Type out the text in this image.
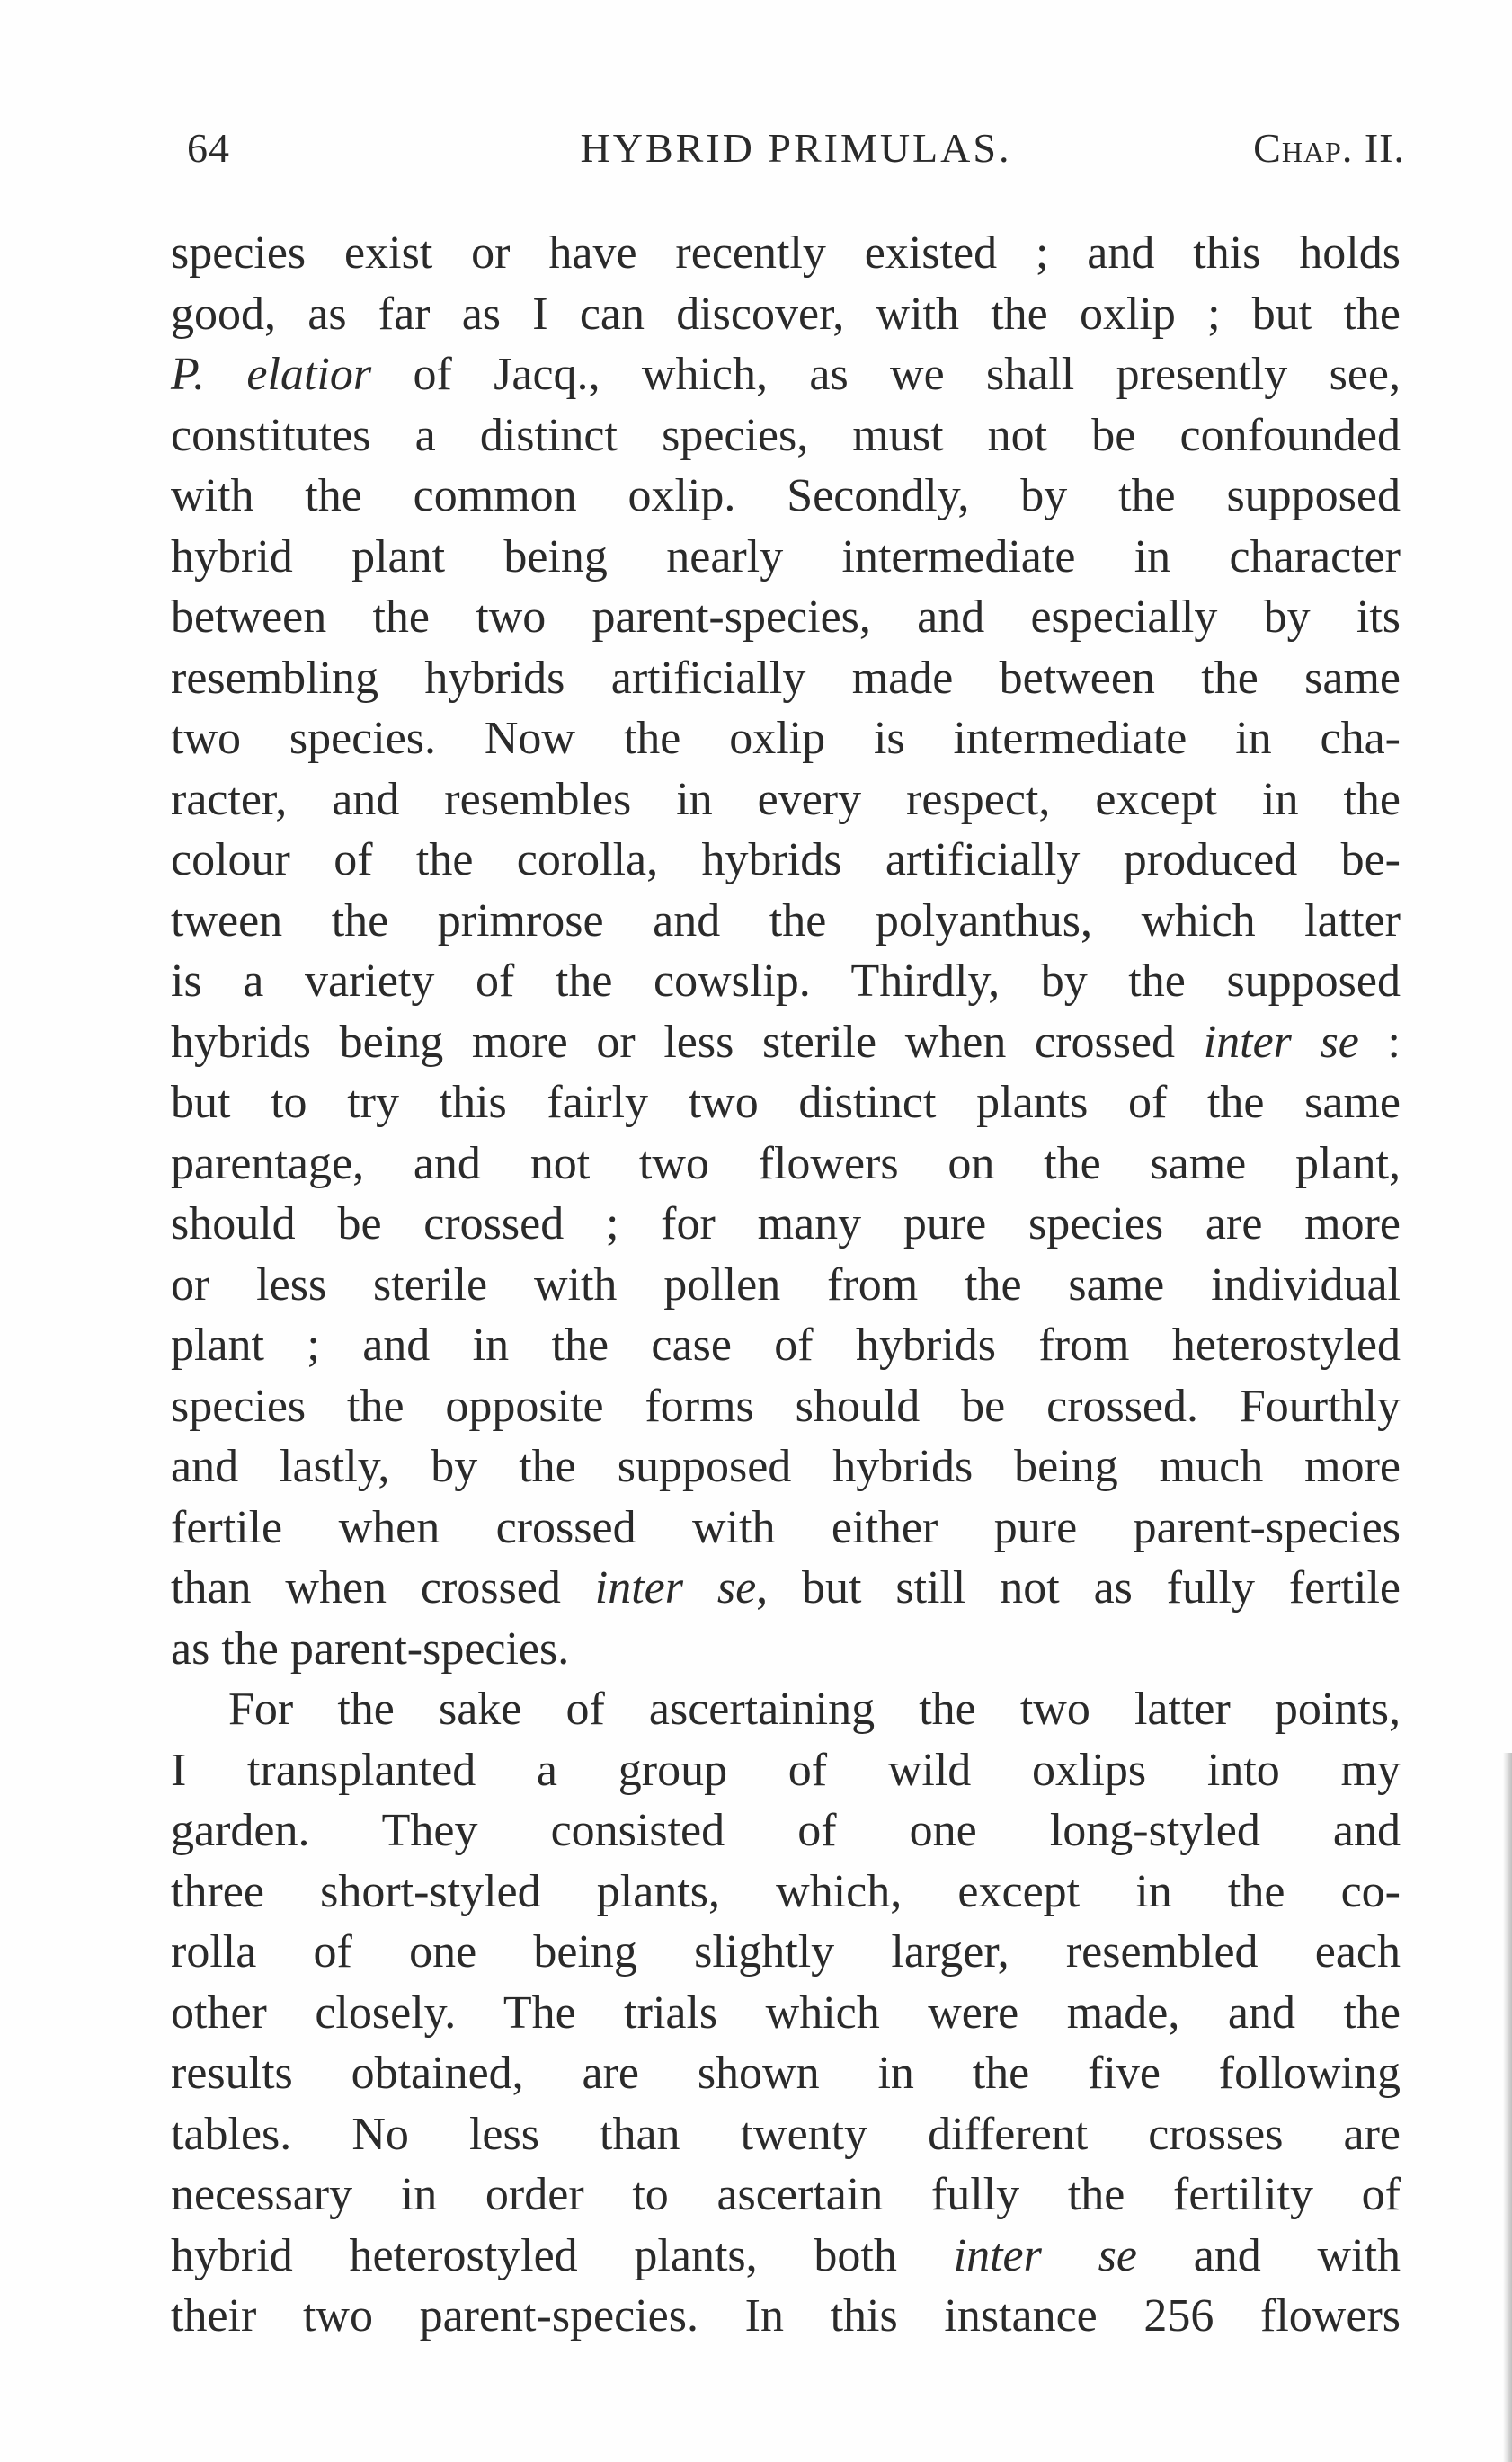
64	HYBRID PRIMULAS.	Chap. II.
species exist or have recently existed ; and this holds
good, as far as I can discover, with the oxlip ; but the
P. elatior of Jacq., which, as we shall presently see,
constitutes a distinct species, must not be confounded
with the common oxlip. Secondly, by the supposed
hybrid plant being nearly intermediate in character
between the two parent-species, and especially by its
resembling hybrids artificially made between the same
two species. Now the oxlip is intermediate in cha-
racter, and resembles in every respect, except in the
colour of the corolla, hybrids artificially produced be-
tween the primrose and the polyanthus, which latter
is a variety of the cowslip. Thirdly, by the supposed
hybrids being more or less sterile when crossed inter se :
but to try this fairly two distinct plants of the same
parentage, and not two flowers on the same plant,
should be crossed ; for many pure species are more
or less sterile with pollen from the same individual
plant ; and in the case of hybrids from heterostyled
species the opposite forms should be crossed. Fourthly
and lastly, by the supposed hybrids being much more
fertile when crossed with either pure parent-species
than when crossed inter se, but still not as fully fertile
as the parent-species.
For the sake of ascertaining the two latter points,
I transplanted a group of wild oxlips into my
garden. They consisted of one long-styled and
three short-styled plants, which, except in the co-
rolla of one being slightly larger, resembled each
other closely. The trials which were made, and the
results obtained, are shown in the five following
tables. No less than twenty different crosses are
necessary in order to ascertain fully the fertility of
hybrid heterostyled plants, both inter se and with
their two parent-species. In this instance 256 flowers
